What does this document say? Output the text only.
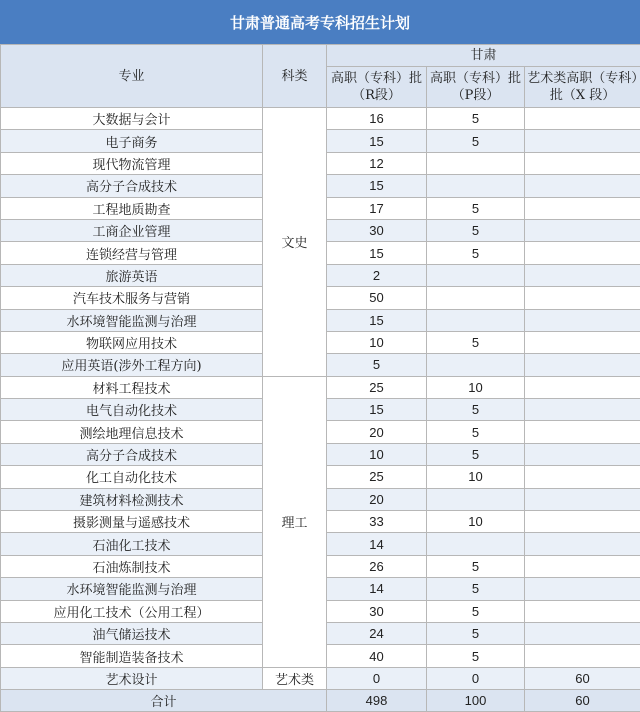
甘肃普通高考专科招生计划
专业	科类	甘肃		
		高职（专科）批（R段）	高职（专科）批（P段）	艺术类高职（专科）批（X 段）
大数据与会计	文史	16	5	
电子商务		15	5	
现代物流管理		12		
高分子合成技术		15		
工程地质勘查		17	5	
工商企业管理		30	5	
连锁经营与管理		15	5	
旅游英语		2		
汽车技术服务与营销		50		
水环境智能监测与治理		15		
物联网应用技术		10	5	
应用英语(涉外工程方向)		5		
材料工程技术	理工	25	10	
电气自动化技术		15	5	
测绘地理信息技术		20	5	
高分子合成技术		10	5	
化工自动化技术		25	10	
建筑材料检测技术		20		
摄影测量与遥感技术		33	10	
石油化工技术		14		
石油炼制技术		26	5	
水环境智能监测与治理		14	5	
应用化工技术（公用工程）		30	5	
油气储运技术		24	5	
智能制造装备技术		40	5	
艺术设计	艺术类	0	0	60
合计		498	100	60
